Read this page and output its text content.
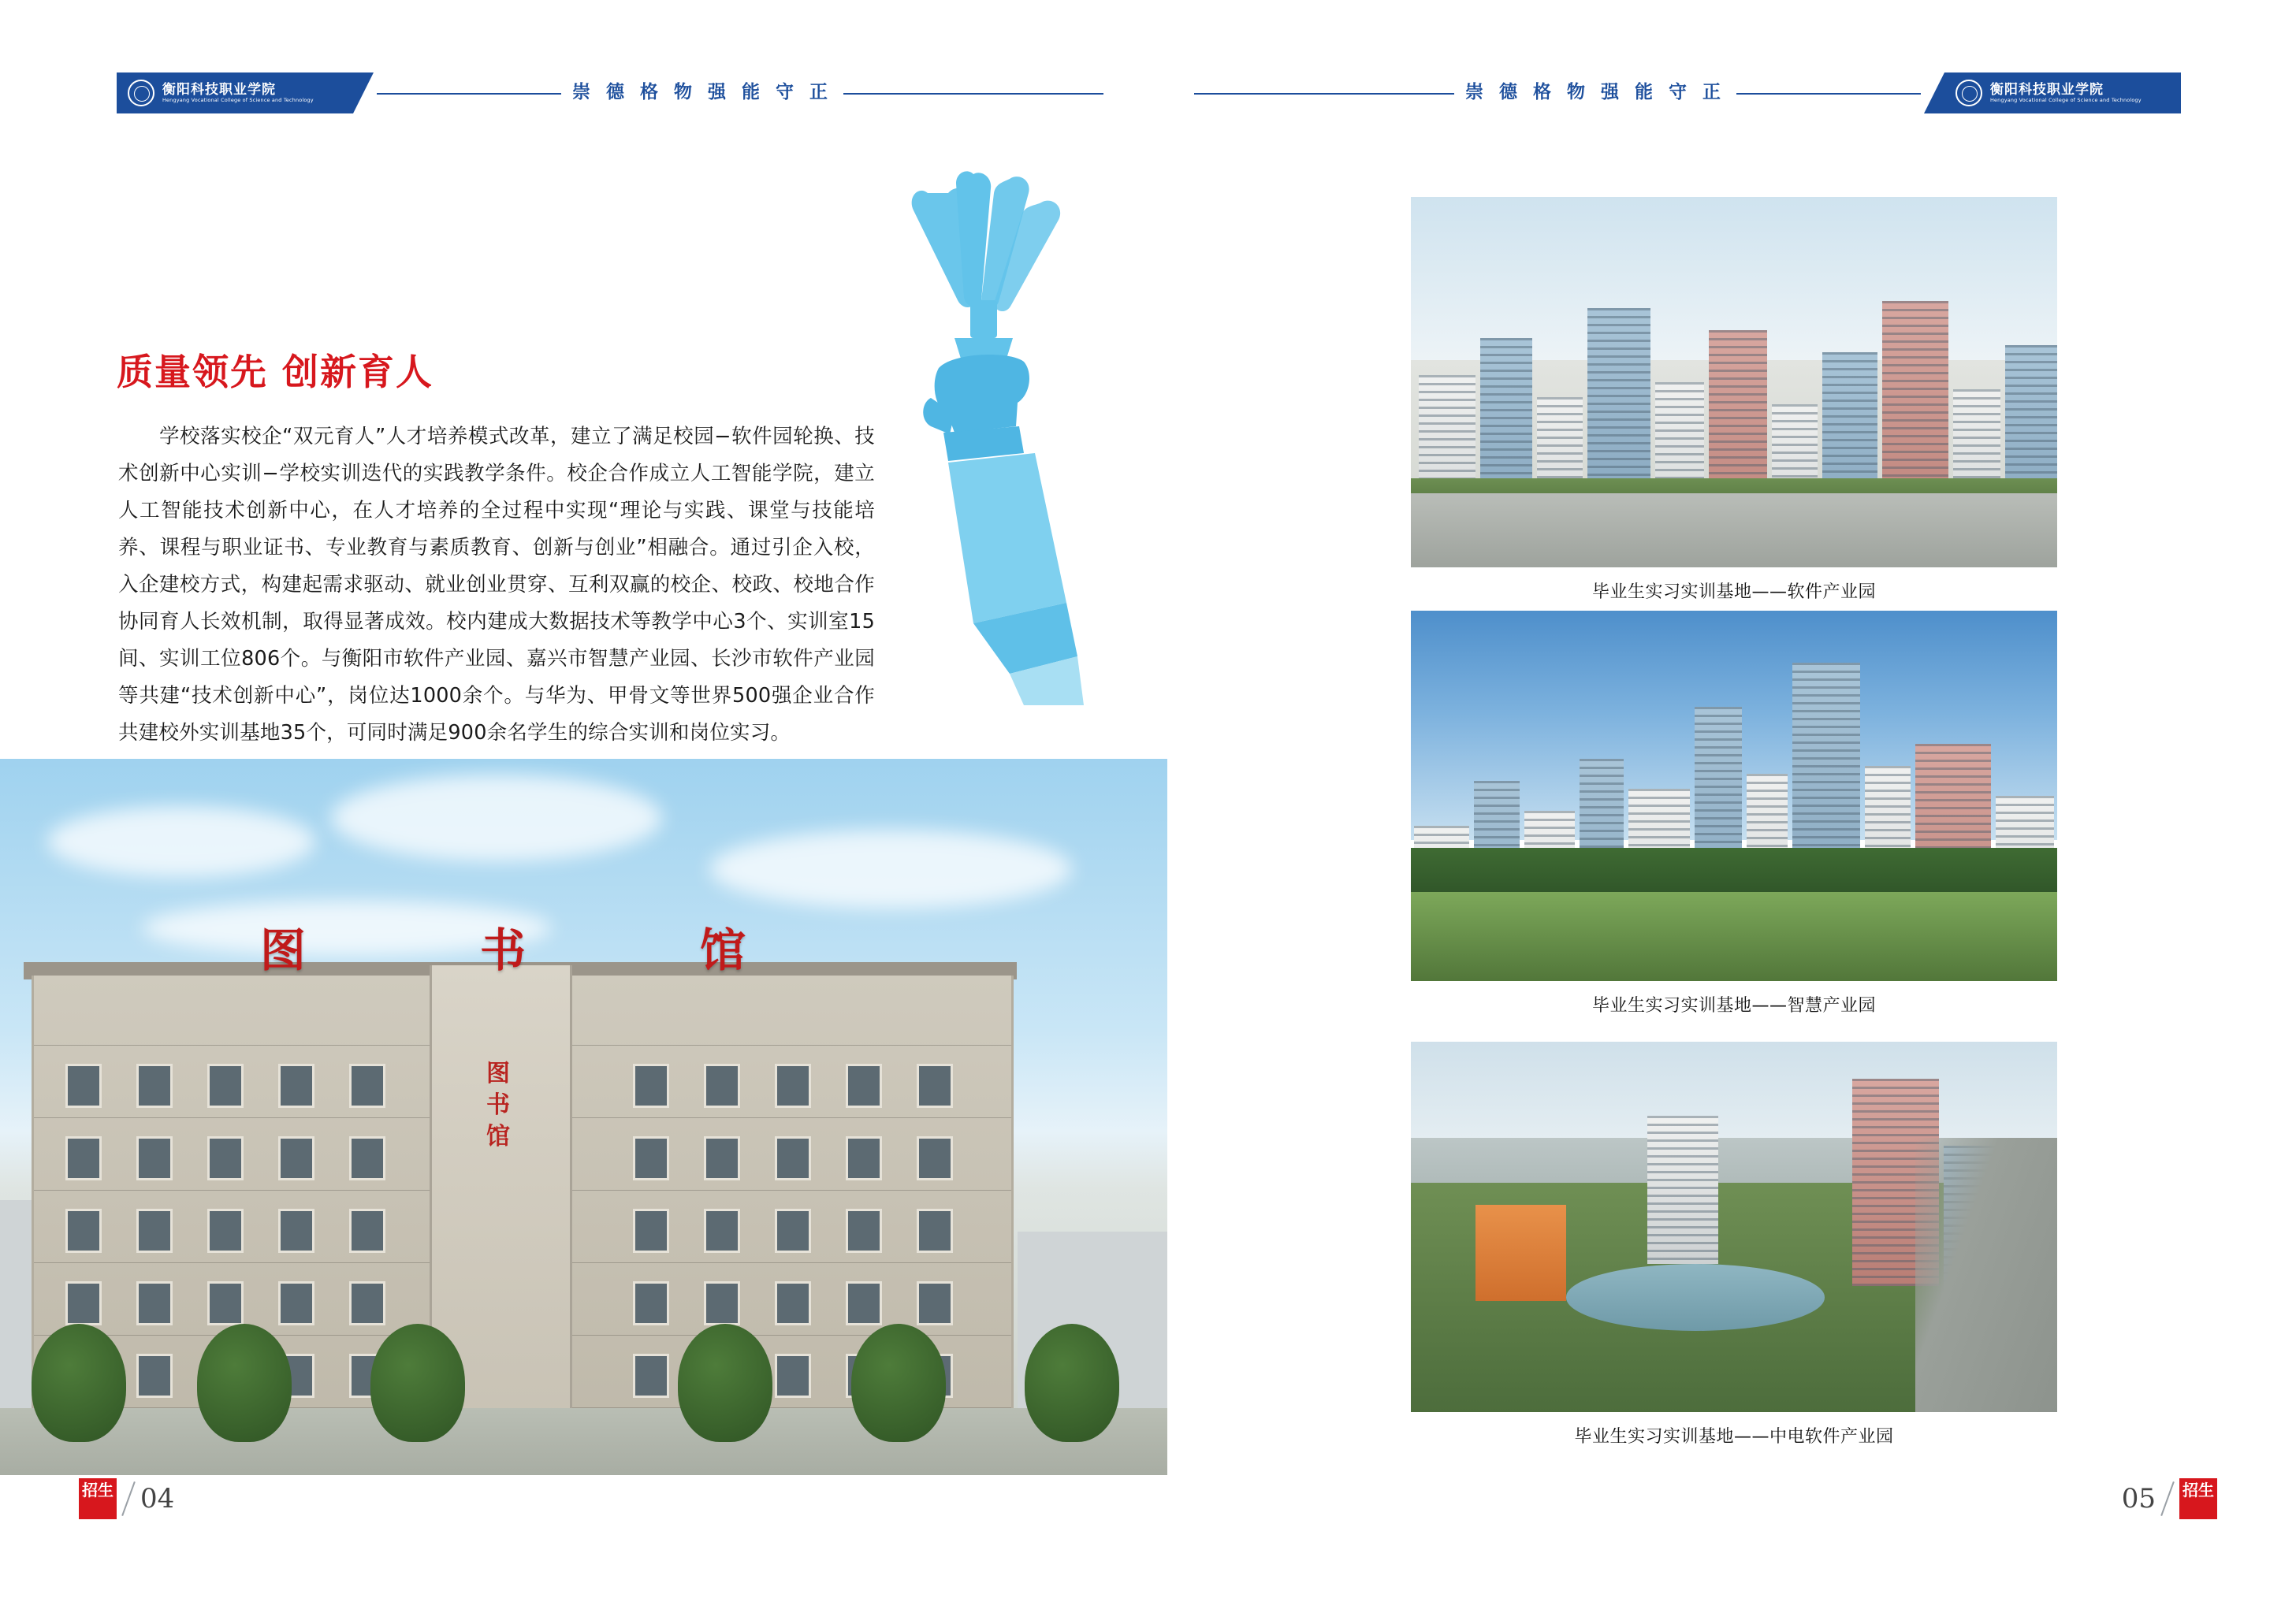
衡阳科技职业学院
Hengyang Vocational College of Science and Technology	崇 德 格 物 强 能 守 正	衡阳科技职业学院
Hengyang Vocational College of Science and Technology
崇 德 格 物 强 能 守 正
质量领先 创新育人

学校落实校企“双元育人”人才培养模式改革，建立了满足校园−软件园轮换、技术创新中心实训−学校实训迭代的实践教学条件。校企合作成立人工智能学院，建立人工智能技术创新中心，在人才培养的全过程中实现“理论与实践、课堂与技能培养、课程与职业证书、专业教育与素质教育、创新与创业”相融合。通过引企入校，入企建校方式，构建起需求驱动、就业创业贯穿、互利双赢的校企、校政、校地合作协同育人长效机制，取得显著成效。校内建成大数据技术等教学中心3个、实训室15间、实训工位806个。与衡阳市软件产业园、嘉兴市智慧产业园、长沙市软件产业园等共建“技术创新中心”，岗位达1000余个。与华为、甲骨文等世界500强企业合作共建校外实训基地35个，可同时满足900余名学生的综合实训和岗位实习。

图	书	馆
图书馆
毕业生实习实训基地——软件产业园
毕业生实习实训基地——智慧产业园
毕业生实习实训基地——中电软件产业园
招生 04	05 招生
